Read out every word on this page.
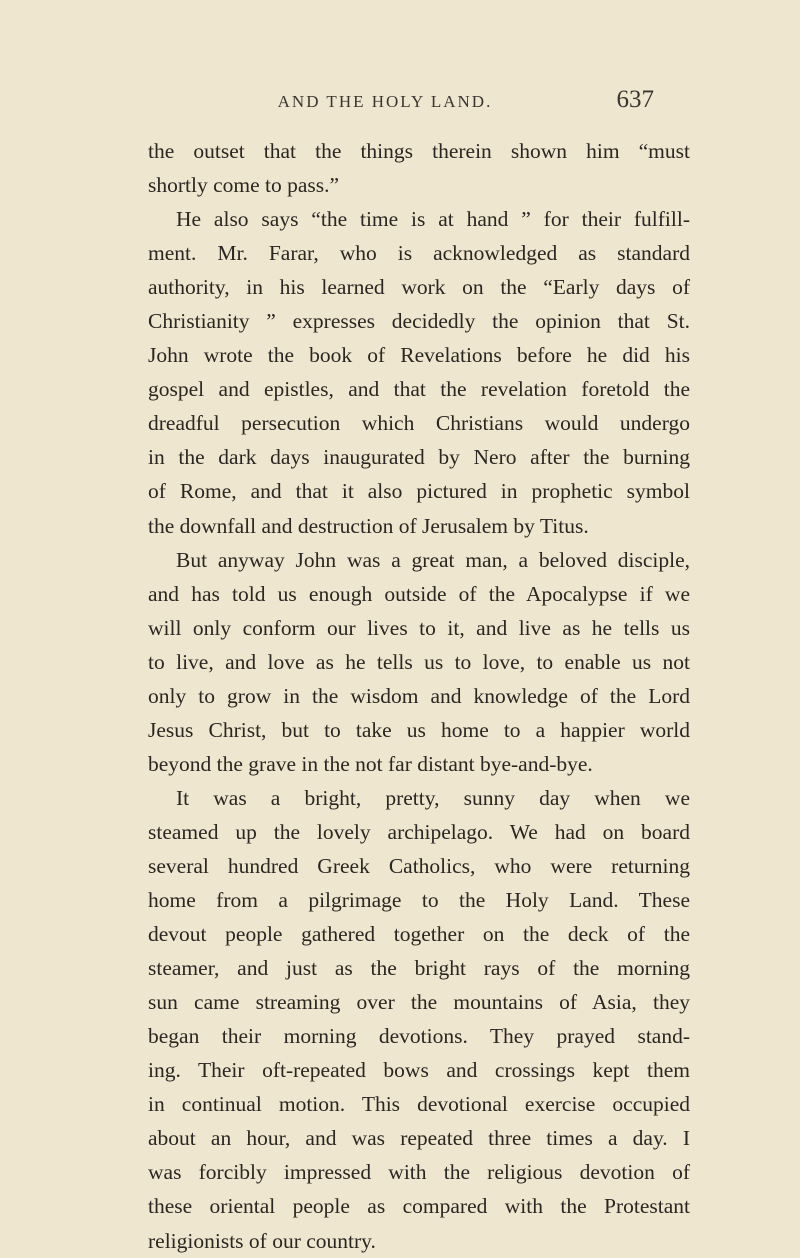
AND THE HOLY LAND.	637
the outset that the things therein shown him “must
shortly come to pass.”
He also says “the time is at hand ” for their fulfill-
ment. Mr. Farar, who is acknowledged as standard
authority, in his learned work on the “Early days of
Christianity ” expresses decidedly the opinion that St.
John wrote the book of Revelations before he did his
gospel and epistles, and that the revelation foretold the
dreadful persecution which Christians would undergo
in the dark days inaugurated by Nero after the burning
of Rome, and that it also pictured in prophetic symbol
the downfall and destruction of Jerusalem by Titus.
But anyway John was a great man, a beloved disciple,
and has told us enough outside of the Apocalypse if we
will only conform our lives to it, and live as he tells us
to live, and love as he tells us to love, to enable us not
only to grow in the wisdom and knowledge of the Lord
Jesus Christ, but to take us home to a happier world
beyond the grave in the not far distant bye-and-bye.
It was a bright, pretty, sunny day when we
steamed up the lovely archipelago. We had on board
several hundred Greek Catholics, who were returning
home from a pilgrimage to the Holy Land. These
devout people gathered together on the deck of the
steamer, and just as the bright rays of the morning
sun came streaming over the mountains of Asia, they
began their morning devotions. They prayed stand-
ing. Their oft-repeated bows and crossings kept them
in continual motion. This devotional exercise occupied
about an hour, and was repeated three times a day. I
was forcibly impressed with the religious devotion of
these oriental people as compared with the Protestant
religionists of our country.
